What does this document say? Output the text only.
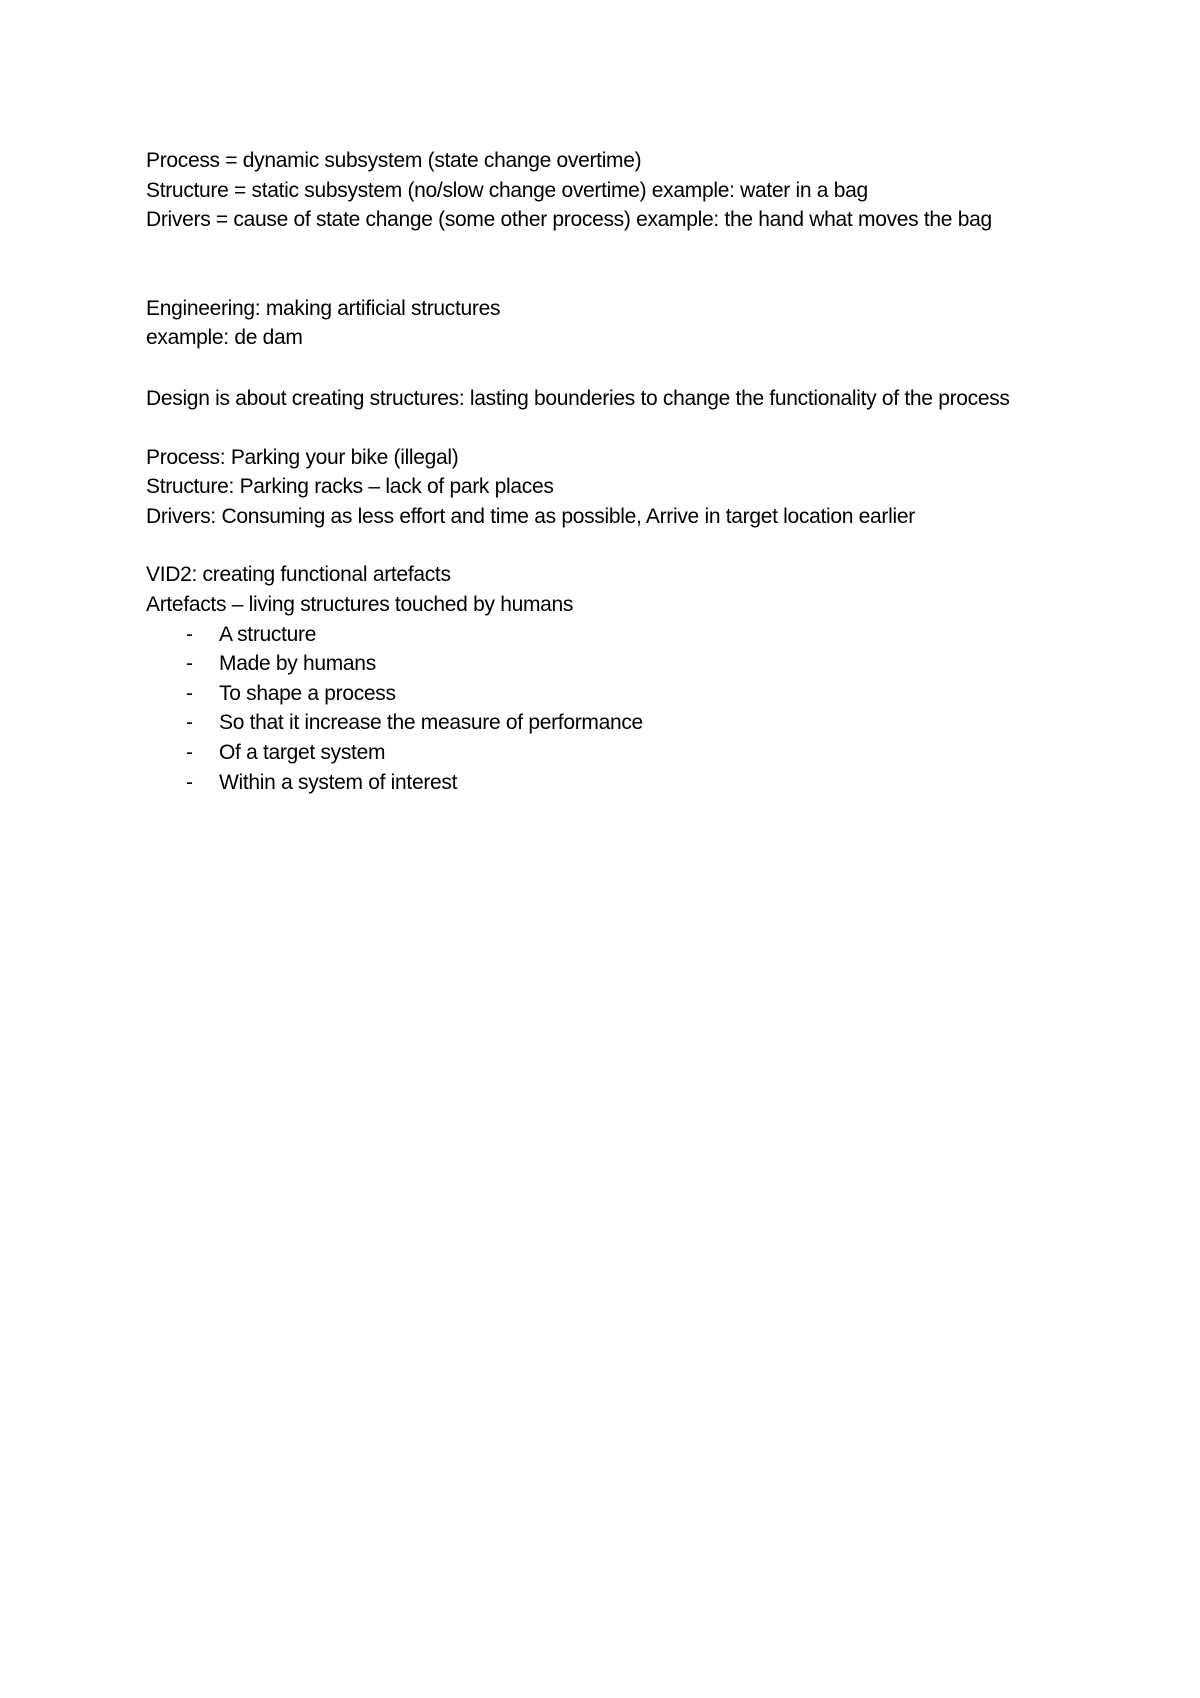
Process = dynamic subsystem (state change overtime)
Structure = static subsystem (no/slow change overtime) example: water in a bag
Drivers = cause of state change (some other process) example: the hand what moves the bag
Engineering: making artificial structures
example: de dam
Design is about creating structures: lasting bounderies to change the functionality of the process
Process: Parking your bike (illegal)
Structure: Parking racks – lack of park places
Drivers: Consuming as less effort and time as possible, Arrive in target location earlier
VID2: creating functional artefacts
Artefacts – living structures touched by humans
- A structure
- Made by humans
- To shape a process
- So that it increase the measure of performance
- Of a target system
- Within a system of interest
